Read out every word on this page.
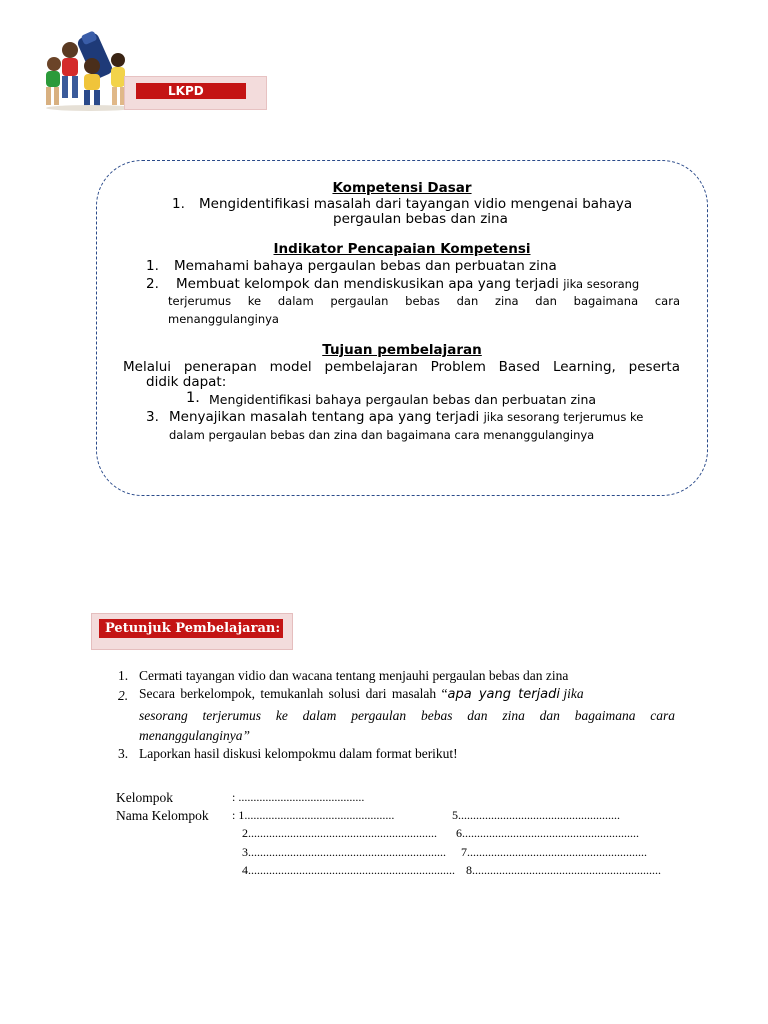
LKPD
Kompetensi Dasar
1. Mengidentifikasi masalah dari tayangan vidio mengenai bahaya
pergaulan bebas dan zina
Indikator Pencapaian Kompetensi
1. Memahami bahaya pergaulan bebas dan perbuatan zina
2. Membuat kelompok dan mendiskusikan apa yang terjadi jika sesorang
terjerumus ke dalam pergaulan bebas dan zina dan bagaimana cara
menanggulanginya
Tujuan pembelajaran
Melalui penerapan model pembelajaran Problem Based Learning, peserta
didik dapat:
1. Mengidentifikasi bahaya pergaulan bebas dan perbuatan zina
3. Menyajikan masalah tentang apa yang terjadi jika sesorang terjerumus ke
dalam pergaulan bebas dan zina dan bagaimana cara menanggulanginya
Petunjuk Pembelajaran:
1. Cermati tayangan vidio dan wacana tentang menjauhi pergaulan bebas dan zina
2. Secara berkelompok, temukanlah solusi dari masalah “apa yang terjadi jika
sesorang terjerumus ke dalam pergaulan bebas dan zina dan bagaimana cara
menanggulanginya”
3. Laporkan hasil diskusi kelompokmu dalam format berikut!
Kelompok	: ..........................................
Nama Kelompok : 1..................................................
2...............................................................
3..................................................................
4.....................................................................
5......................................................
6...........................................................
7............................................................
8...............................................................
